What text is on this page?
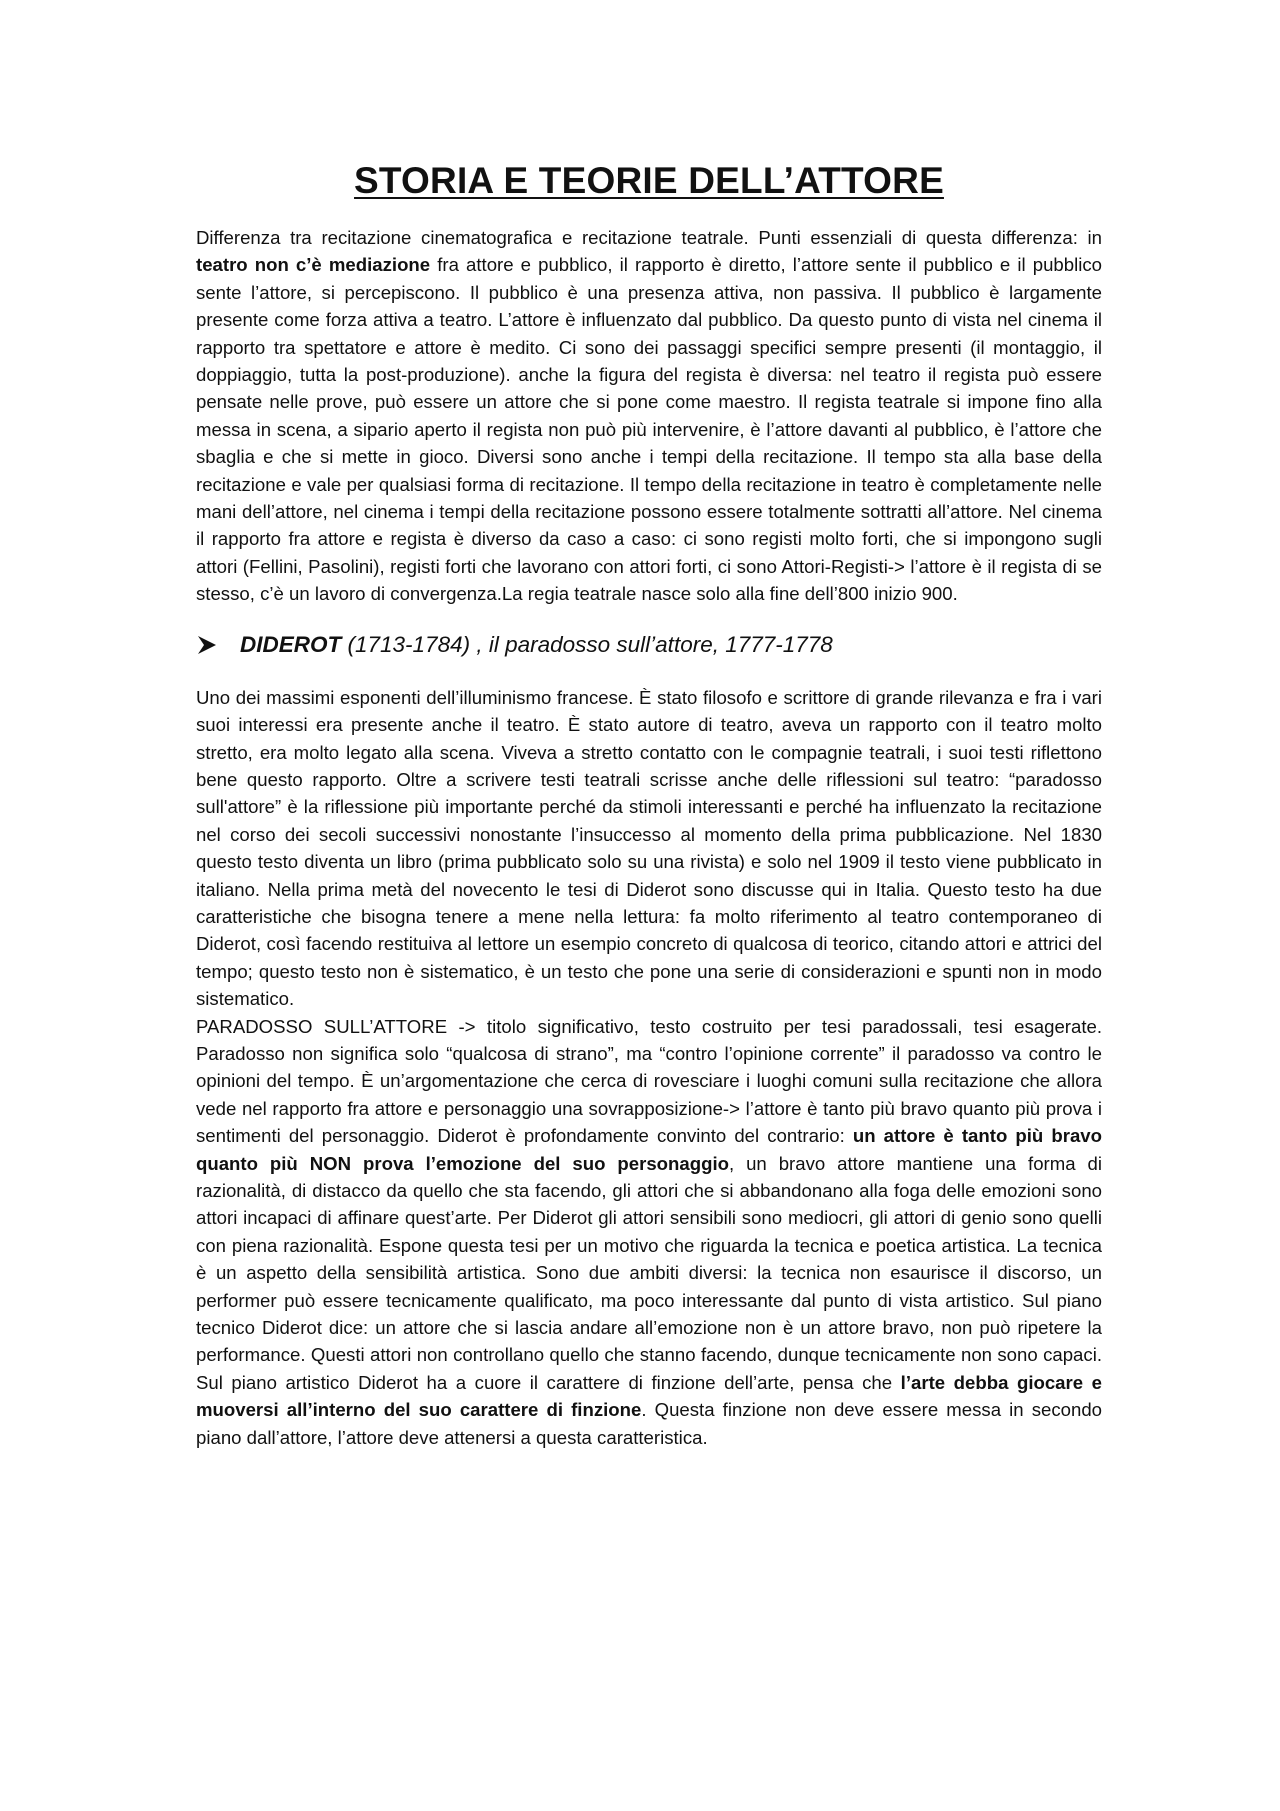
STORIA E TEORIE DELL’ATTORE

Differenza tra recitazione cinematografica e recitazione teatrale. Punti essenziali di questa differenza: in teatro non c’è mediazione fra attore e pubblico, il rapporto è diretto, l’attore sente il pubblico e il pubblico sente l’attore, si percepiscono. Il pubblico è una presenza attiva, non passiva. Il pubblico è largamente presente come forza attiva a teatro. L’attore è influenzato dal pubblico. Da questo punto di vista nel cinema il rapporto tra spettatore e attore è medito. Ci sono dei passaggi specifici sempre presenti (il montaggio, il doppiaggio, tutta la post-produzione). anche la figura del regista è diversa: nel teatro il regista può essere pensate nelle prove, può essere un attore che si pone come maestro. Il regista teatrale si impone fino alla messa in scena, a sipario aperto il regista non può più intervenire, è l’attore davanti al pubblico, è l’attore che sbaglia e che si mette in gioco. Diversi sono anche i tempi della recitazione. Il tempo sta alla base della recitazione e vale per qualsiasi forma di recitazione. Il tempo della recitazione in teatro è completamente nelle mani dell’attore, nel cinema i tempi della recitazione possono essere totalmente sottratti all’attore. Nel cinema il rapporto fra attore e regista è diverso da caso a caso: ci sono registi molto forti, che si impongono sugli attori (Fellini, Pasolini), registi forti che lavorano con attori forti, ci sono Attori-Registi-> l’attore è il regista di se stesso, c’è un lavoro di convergenza.La regia teatrale nasce solo alla fine dell’800 inizio 900.

DIDEROT (1713-1784) , il paradosso sull’attore, 1777-1778

Uno dei massimi esponenti dell’illuminismo francese. È stato filosofo e scrittore di grande rilevanza e fra i vari suoi interessi era presente anche il teatro. È stato autore di teatro, aveva un rapporto con il teatro molto stretto, era molto legato alla scena. Viveva a stretto contatto con le compagnie teatrali, i suoi testi riflettono bene questo rapporto. Oltre a scrivere testi teatrali scrisse anche delle riflessioni sul teatro: “paradosso sull'attore” è la riflessione più importante perché da stimoli interessanti e perché ha influenzato la recitazione nel corso dei secoli successivi nonostante l’insuccesso al momento della prima pubblicazione. Nel 1830 questo testo diventa un libro (prima pubblicato solo su una rivista) e solo nel 1909 il testo viene pubblicato in italiano. Nella prima metà del novecento le tesi di Diderot sono discusse qui in Italia. Questo testo ha due caratteristiche che bisogna tenere a mene nella lettura: fa molto riferimento al teatro contemporaneo di Diderot, così facendo restituiva al lettore un esempio concreto di qualcosa di teorico, citando attori e attrici del tempo; questo testo non è sistematico, è un testo che pone una serie di considerazioni e spunti non in modo sistematico.

PARADOSSO SULL’ATTORE -> titolo significativo, testo costruito per tesi paradossali, tesi esagerate. Paradosso non significa solo “qualcosa di strano”, ma “contro l’opinione corrente” il paradosso va contro le opinioni del tempo. È un’argomentazione che cerca di rovesciare i luoghi comuni sulla recitazione che allora vede nel rapporto fra attore e personaggio una sovrapposizione-> l’attore è tanto più bravo quanto più prova i sentimenti del personaggio. Diderot è profondamente convinto del contrario: un attore è tanto più bravo quanto più NON prova l’emozione del suo personaggio, un bravo attore mantiene una forma di razionalità, di distacco da quello che sta facendo, gli attori che si abbandonano alla foga delle emozioni sono attori incapaci di affinare quest’arte. Per Diderot gli attori sensibili sono mediocri, gli attori di genio sono quelli con piena razionalità. Espone questa tesi per un motivo che riguarda la tecnica e poetica artistica. La tecnica è un aspetto della sensibilità artistica. Sono due ambiti diversi: la tecnica non esaurisce il discorso, un performer può essere tecnicamente qualificato, ma poco interessante dal punto di vista artistico. Sul piano tecnico Diderot dice: un attore che si lascia andare all’emozione non è un attore bravo, non può ripetere la performance. Questi attori non controllano quello che stanno facendo, dunque tecnicamente non sono capaci. Sul piano artistico Diderot ha a cuore il carattere di finzione dell’arte, pensa che l’arte debba giocare e muoversi all’interno del suo carattere di finzione. Questa finzione non deve essere messa in secondo piano dall’attore, l’attore deve attenersi a questa caratteristica.
